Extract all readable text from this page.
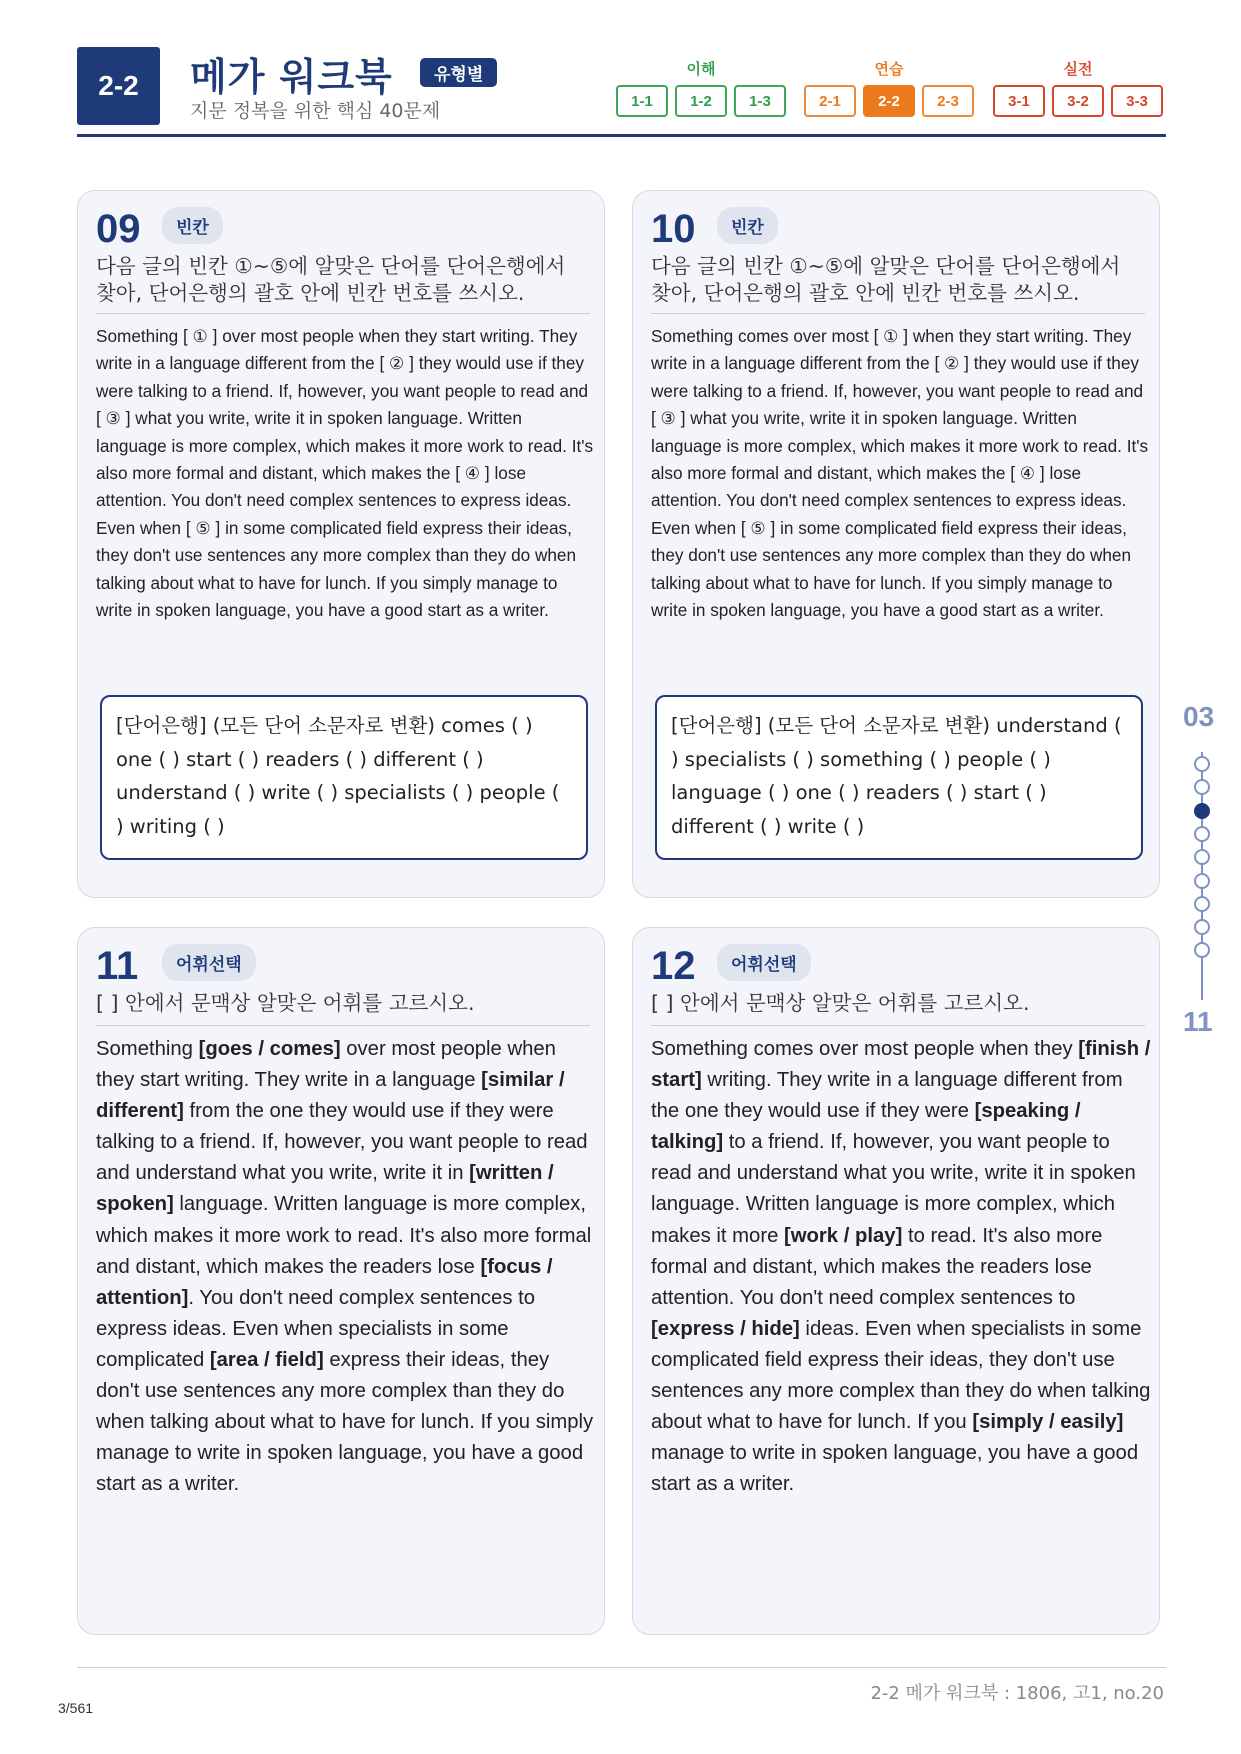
2-2	메가 워크북	유형별
지문 정복을 위한 핵심 40문제
이해
1-1	1-2	1-3
연습
2-1	2-2	2-3
실전
3-1	3-2	3-3
09	빈칸
다음 글의 빈칸 ①~⑤에 알맞은 단어를 단어은행에서 찾아, 단어은행의 괄호 안에 빈칸 번호를 쓰시오.
Something [ ① ] over most people when they start writing. They write in a language different from the [ ② ] they would use if they were talking to a friend. If, however, you want people to read and [ ③ ] what you write, write it in spoken language. Written language is more complex, which makes it more work to read. It's also more formal and distant, which makes the [ ④ ] lose attention. You don't need complex sentences to express ideas. Even when [ ⑤ ] in some complicated field express their ideas, they don't use sentences any more complex than they do when talking about what to have for lunch. If you simply manage to write in spoken language, you have a good start as a writer.
[단어은행] (모든 단어 소문자로 변환) comes ( ) one ( ) start ( ) readers ( ) different ( ) understand ( ) write ( ) specialists ( ) people ( ) writing ( )
10	빈칸
다음 글의 빈칸 ①~⑤에 알맞은 단어를 단어은행에서 찾아, 단어은행의 괄호 안에 빈칸 번호를 쓰시오.
Something comes over most [ ① ] when they start writing. They write in a language different from the [ ② ] they would use if they were talking to a friend. If, however, you want people to read and [ ③ ] what you write, write it in spoken language. Written language is more complex, which makes it more work to read. It's also more formal and distant, which makes the [ ④ ] lose attention. You don't need complex sentences to express ideas. Even when [ ⑤ ] in some complicated field express their ideas, they don't use sentences any more complex than they do when talking about what to have for lunch. If you simply manage to write in spoken language, you have a good start as a writer.
[단어은행] (모든 단어 소문자로 변환) understand ( ) specialists ( ) something ( ) people ( ) language ( ) one ( ) readers ( ) start ( ) different ( ) write ( )
11	어휘선택
[ ] 안에서 문맥상 알맞은 어휘를 고르시오.
Something [goes / comes] over most people when they start writing. They write in a language [similar / different] from the one they would use if they were talking to a friend. If, however, you want people to read and understand what you write, write it in [written / spoken] language. Written language is more complex, which makes it more work to read. It's also more formal and distant, which makes the readers lose [focus / attention]. You don't need complex sentences to express ideas. Even when specialists in some complicated [area / field] express their ideas, they don't use sentences any more complex than they do when talking about what to have for lunch. If you simply manage to write in spoken language, you have a good start as a writer.
12	어휘선택
[ ] 안에서 문맥상 알맞은 어휘를 고르시오.
Something comes over most people when they [finish / start] writing. They write in a language different from the one they would use if they were [speaking / talking] to a friend. If, however, you want people to read and understand what you write, write it in spoken language. Written language is more complex, which makes it more [work / play] to read. It's also more formal and distant, which makes the readers lose attention. You don't need complex sentences to [express / hide] ideas. Even when specialists in some complicated field express their ideas, they don't use sentences any more complex than they do when talking about what to have for lunch. If you [simply / easily] manage to write in spoken language, you have a good start as a writer.
03
11
2-2 메가 워크북 : 1806, 고1, no.20
3/561
